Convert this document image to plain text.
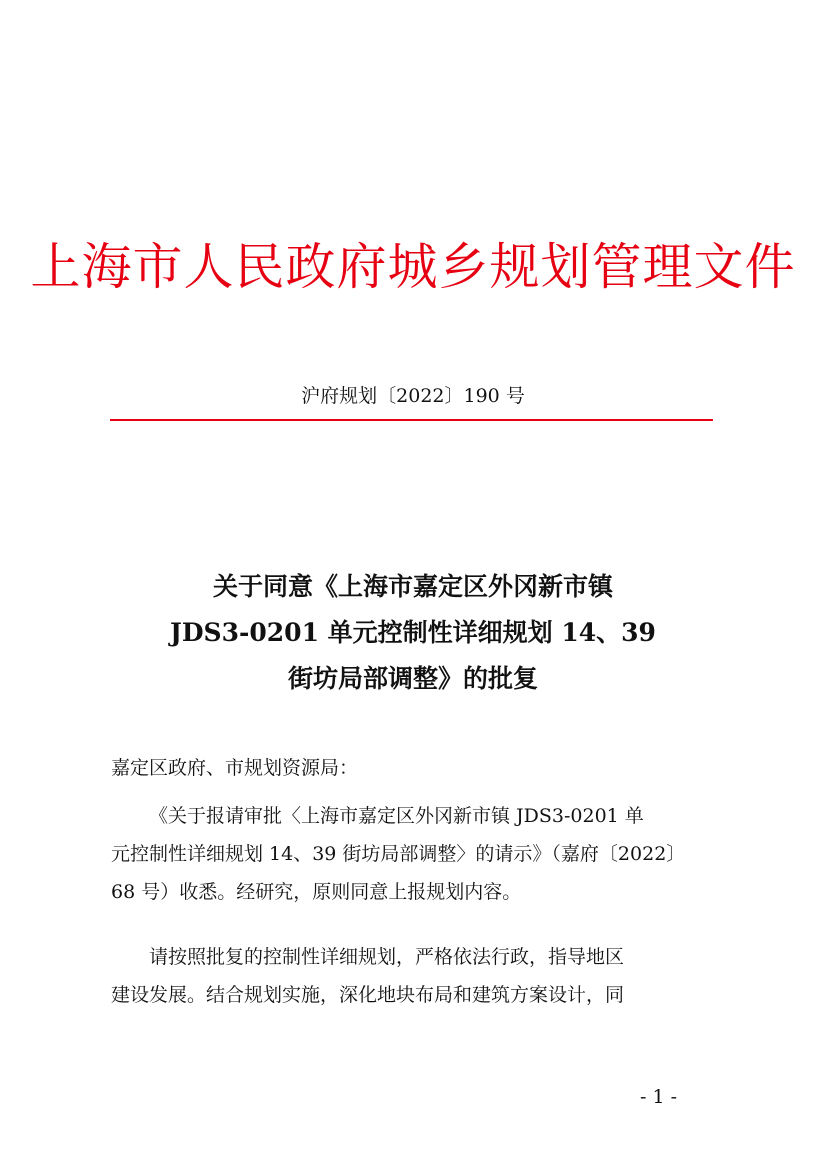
上海市人民政府城乡规划管理文件
沪府规划〔2022〕190 号
关于同意《上海市嘉定区外冈新市镇
JDS3-0201 单元控制性详细规划 14、39
街坊局部调整》的批复
嘉定区政府、市规划资源局：
《关于报请审批〈上海市嘉定区外冈新市镇 JDS3-0201 单
元控制性详细规划 14、39 街坊局部调整〉的请示》（嘉府〔2022〕
68 号）收悉。经研究，原则同意上报规划内容。
请按照批复的控制性详细规划，严格依法行政，指导地区
建设发展。结合规划实施，深化地块布局和建筑方案设计，同
- 1 -
